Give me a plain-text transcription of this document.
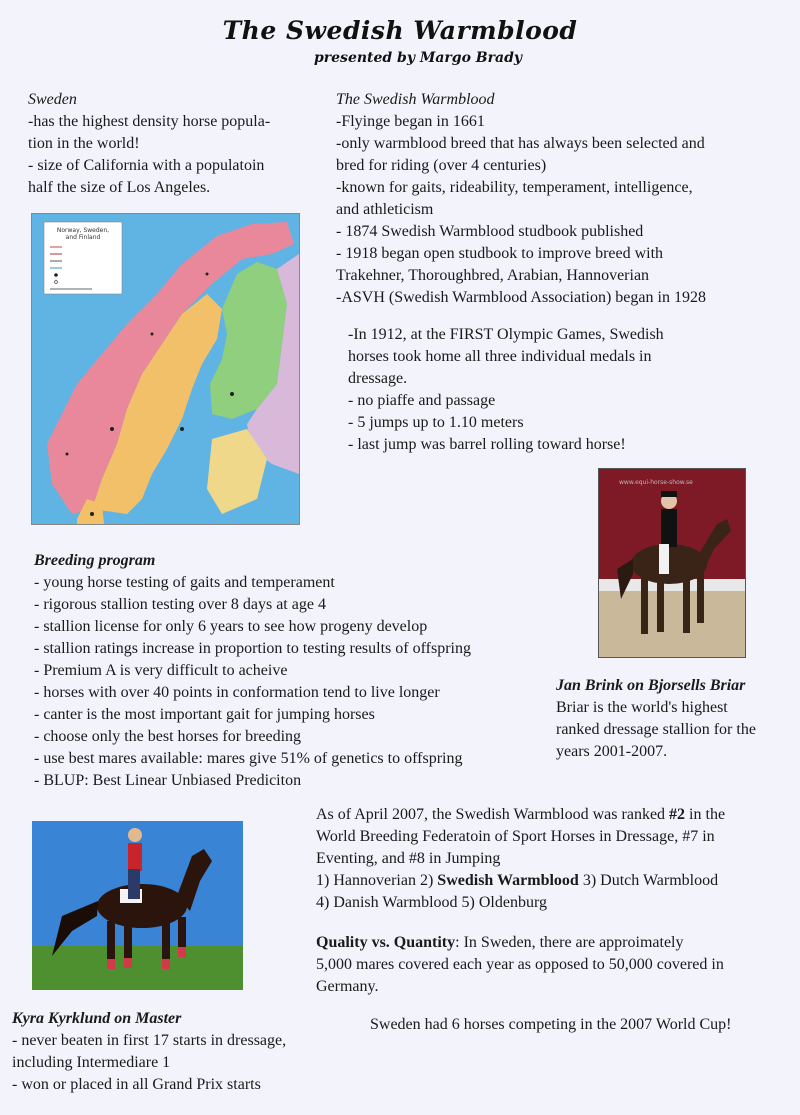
The Swedish Warmblood
presented by Margo Brady
Sweden
-has the highest density horse popula-
tion in the world!
- size of California with a populatoin
half the size of Los Angeles.
The Swedish Warmblood
-Flyinge began in 1661
-only warmblood breed that has always been selected and
bred for riding (over 4 centuries)
-known for gaits, rideability, temperament, intelligence,
and athleticism
- 1874 Swedish Warmblood studbook published
- 1918 began open studbook to improve breed with
Trakehner, Thoroughbred, Arabian, Hannoverian
-ASVH (Swedish Warmblood Association) began in 1928
-In 1912, at the FIRST Olympic Games, Swedish
horses took home all three individual medals in
dressage.
- no piaffe and passage
- 5 jumps up to 1.10 meters
- last jump was barrel rolling toward horse!
Norway, Sweden,
and Finland
www.equi-horse-show.se
Breeding program
- young horse testing of gaits and temperament
- rigorous stallion testing over 8 days at age 4
- stallion license for only 6 years to see how progeny develop
- stallion ratings increase in proportion to testing results of offspring
- Premium A is very difficult to acheive
- horses with over 40 points in conformation tend to live longer
- canter is the most important gait for jumping horses
- choose only the best horses for breeding
- use best mares available: mares give 51% of genetics to offspring
- BLUP: Best Linear Unbiased Prediciton
Jan Brink on Bjorsells Briar
Briar is the world's highest
ranked dressage stallion for the
years 2001-2007.
As of April 2007, the Swedish Warmblood was ranked #2 in the
World Breeding Federatoin of Sport Horses in Dressage, #7 in
Eventing, and #8 in Jumping
1) Hannoverian 2) Swedish Warmblood 3) Dutch Warmblood
4) Danish Warmblood 5) Oldenburg
Quality vs. Quantity: In Sweden, there are approimately
5,000 mares covered each year as opposed to 50,000 covered in
Germany.
Sweden had 6 horses competing in the 2007 World Cup!
Kyra Kyrklund on Master
- never beaten in first 17 starts in dressage,
including Intermediare 1
- won or placed in all Grand Prix starts
